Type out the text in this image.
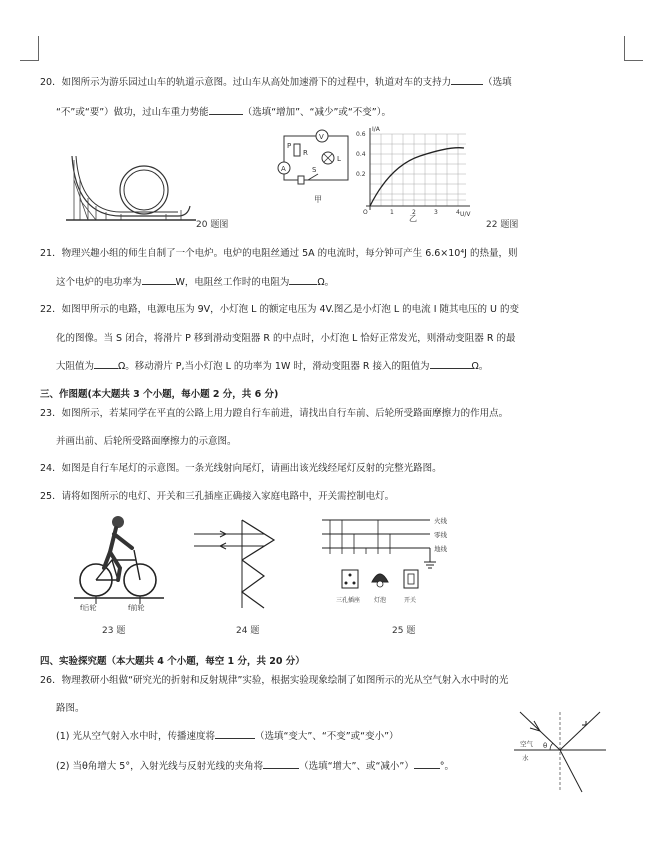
20．如图所示为游乐园过山车的轨道示意图。过山车从高处加速滑下的过程中，轨道对车的支持力	（选填
“不”或“要”）做功，过山车重力势能	（选填“增加”、“减少”或“不变”）。
20 题图
P
R
V
A
L
S
甲
I/A
U/V
O
0.6
0.4
0.2
1	2	3	4
乙
22 题图
21．物理兴趣小组的师生自制了一个电炉。电炉的电阻丝通过 5A 的电流时，每分钟可产生 6.6×10⁴J 的热量，则
这个电炉的电功率为	W，电阻丝工作时的电阻为	Ω。
22．如图甲所示的电路，电源电压为 9V，小灯泡 L 的额定电压为 4V.图乙是小灯泡 L 的电流 I 随其电压的 U 的变
化的图像。当 S 闭合，将滑片 P 移到滑动变阻器 R 的中点时，小灯泡 L 恰好正常发光，则滑动变阻器 R 的最
大阻值为	Ω。移动滑片 P,当小灯泡 L 的功率为 1W 时，滑动变阻器 R 接入的阻值为	Ω。
三、作图题(本大题共 3 个小题，每小题 2 分，共 6 分)
23．如图所示，若某同学在平直的公路上用力蹬自行车前进，请找出自行车前、后轮所受路面摩擦力的作用点。
并画出前、后轮所受路面摩擦力的示意图。
24．如图是自行车尾灯的示意图。一条光线射向尾灯，请画出该光线经尾灯反射的完整光路图。
25．请将如图所示的电灯、开关和三孔插座正确接入家庭电路中，开关需控制电灯。
f后轮	f前轮
23 题	24 题
火线
零线
地线
三孔插座 灯泡	开关
25 题
四、实验探究题（本大题共 4 个小题，每空 1 分，共 20 分）
26．物理教研小组做“研究光的折射和反射规律”实验，根据实验现象绘制了如图所示的光从空气射入水中时的光
路图。
(1) 光从空气射入水中时，传播速度将	（选填“变大”、“不变”或“变小”）
(2) 当θ角增大 5°，入射光线与反射光线的夹角将	（选填“增大”、或“减小”）	°。
空气
水
θ
